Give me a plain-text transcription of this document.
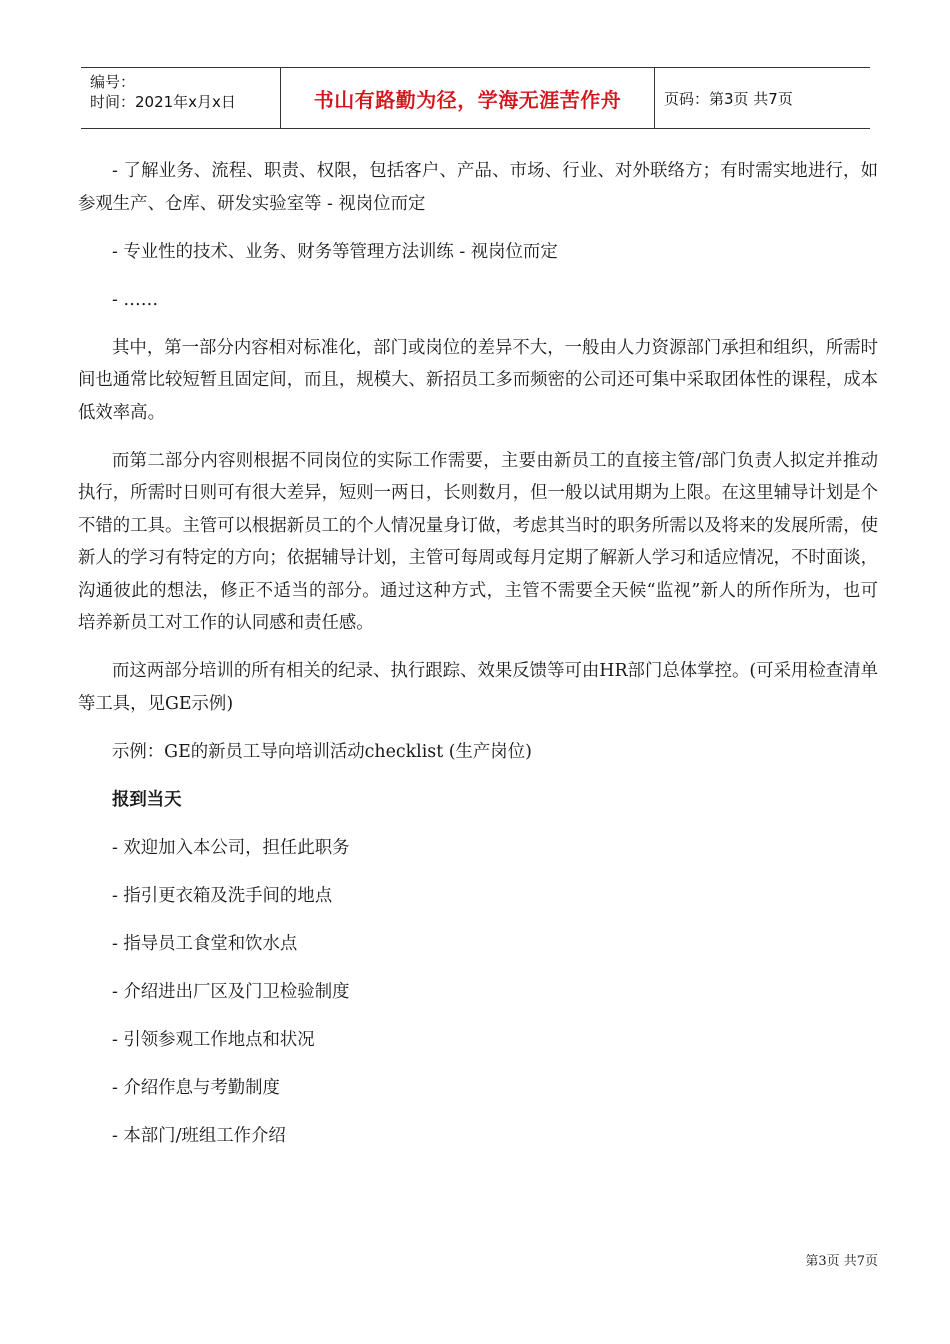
编号：
时间：2021年x月x日	书山有路勤为径，学海无涯苦作舟	页码：第3页 共7页

- 了解业务、流程、职责、权限，包括客户、产品、市场、行业、对外联络方；有时需实地进行，如参观生产、仓库、研发实验室等 - 视岗位而定

- 专业性的技术、业务、财务等管理方法训练 - 视岗位而定

- ……

其中，第一部分内容相对标准化，部门或岗位的差异不大，一般由人力资源部门承担和组织，所需时间也通常比较短暂且固定间，而且，规模大、新招员工多而频密的公司还可集中采取团体性的课程，成本低效率高。

而第二部分内容则根据不同岗位的实际工作需要，主要由新员工的直接主管/部门负责人拟定并推动执行，所需时日则可有很大差异，短则一两日，长则数月，但一般以试用期为上限。在这里辅导计划是个不错的工具。主管可以根据新员工的个人情况量身订做，考虑其当时的职务所需以及将来的发展所需，使新人的学习有特定的方向；依据辅导计划，主管可每周或每月定期了解新人学习和适应情况，不时面谈，沟通彼此的想法，修正不适当的部分。通过这种方式，主管不需要全天候“监视”新人的所作所为，也可培养新员工对工作的认同感和责任感。

而这两部分培训的所有相关的纪录、执行跟踪、效果反馈等可由HR部门总体掌控。(可采用检查清单等工具，见GE示例)

示例：GE的新员工导向培训活动checklist (生产岗位)

报到当天

- 欢迎加入本公司，担任此职务

- 指引更衣箱及洗手间的地点

- 指导员工食堂和饮水点

- 介绍进出厂区及门卫检验制度

- 引领参观工作地点和状况

- 介绍作息与考勤制度

- 本部门/班组工作介绍

第3页 共7页
